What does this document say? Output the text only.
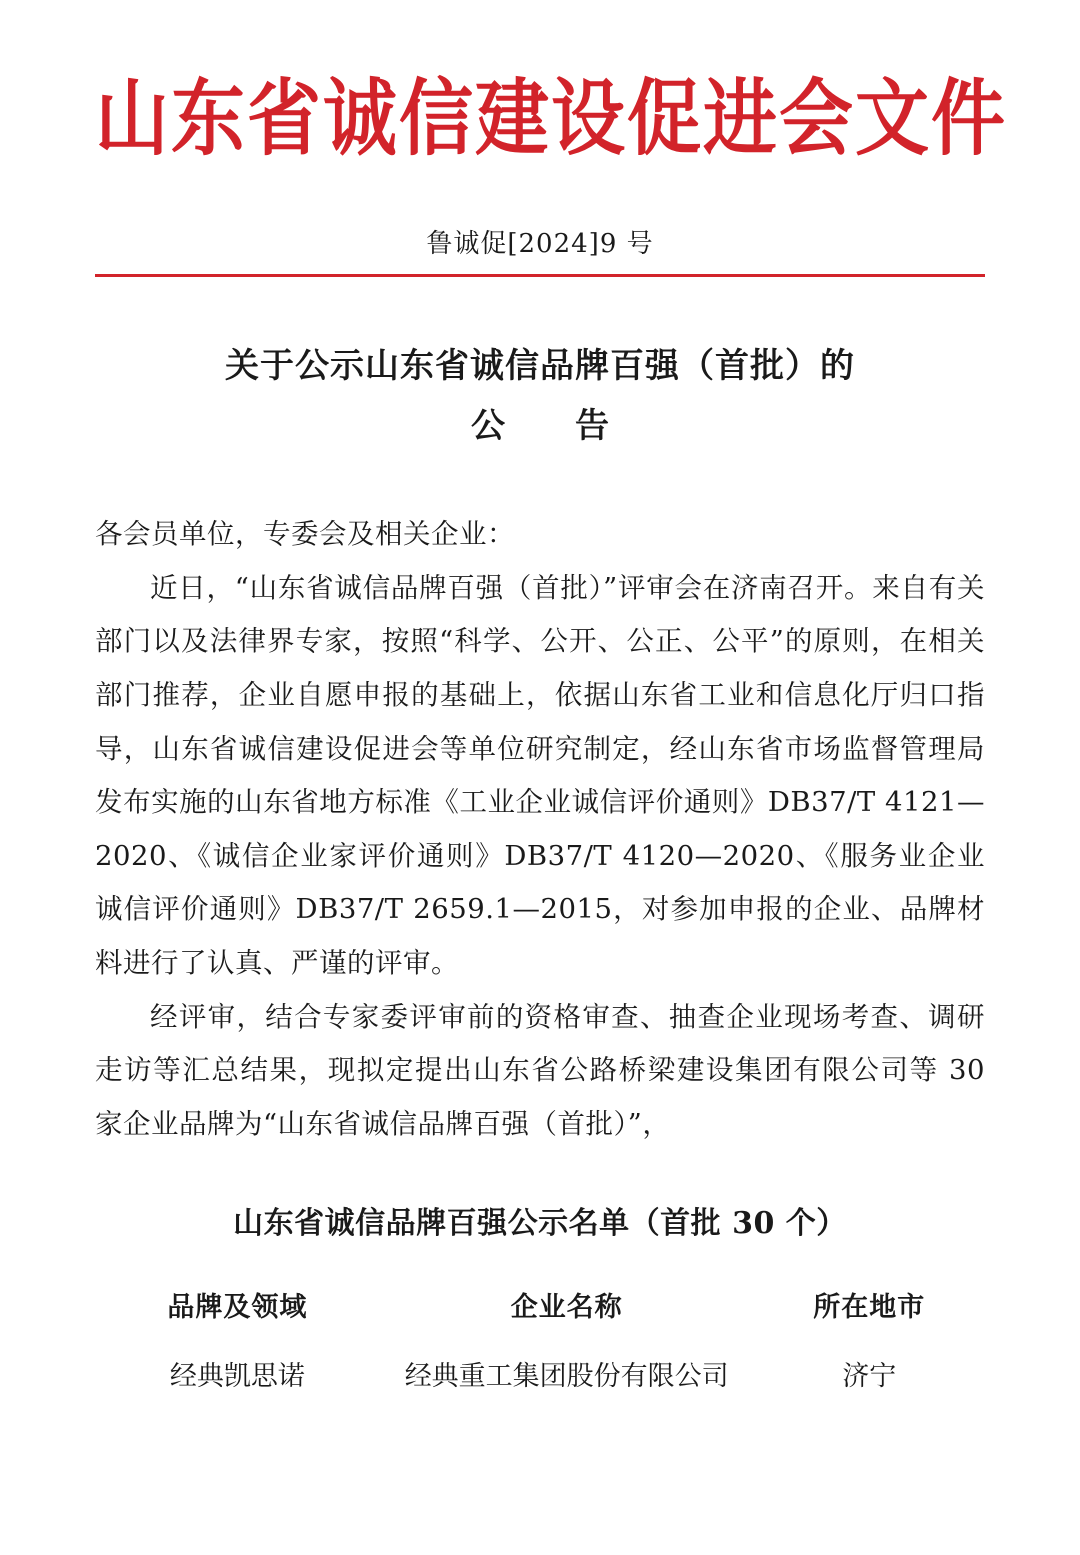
山东省诚信建设促进会文件
鲁诚促[2024]9 号
关于公示山东省诚信品牌百强（首批）的
公　告

各会员单位，专委会及相关企业：

近日，“山东省诚信品牌百强（首批）”评审会在济南召开。来自有关部门以及法律界专家，按照“科学、公开、公正、公平”的原则，在相关部门推荐，企业自愿申报的基础上，依据山东省工业和信息化厅归口指导，山东省诚信建设促进会等单位研究制定，经山东省市场监督管理局发布实施的山东省地方标准《工业企业诚信评价通则》DB37/T 4121—2020、《诚信企业家评价通则》DB37/T 4120—2020、《服务业企业诚信评价通则》DB37/T 2659.1—2015，对参加申报的企业、品牌材料进行了认真、严谨的评审。

经评审，结合专家委评审前的资格审查、抽查企业现场考查、调研走访等汇总结果，现拟定提出山东省公路桥梁建设集团有限公司等 30 家企业品牌为“山东省诚信品牌百强（首批）”，

山东省诚信品牌百强公示名单（首批 30 个）
品牌及领域	企业名称	所在地市
经典凯思诺	经典重工集团股份有限公司	济宁
